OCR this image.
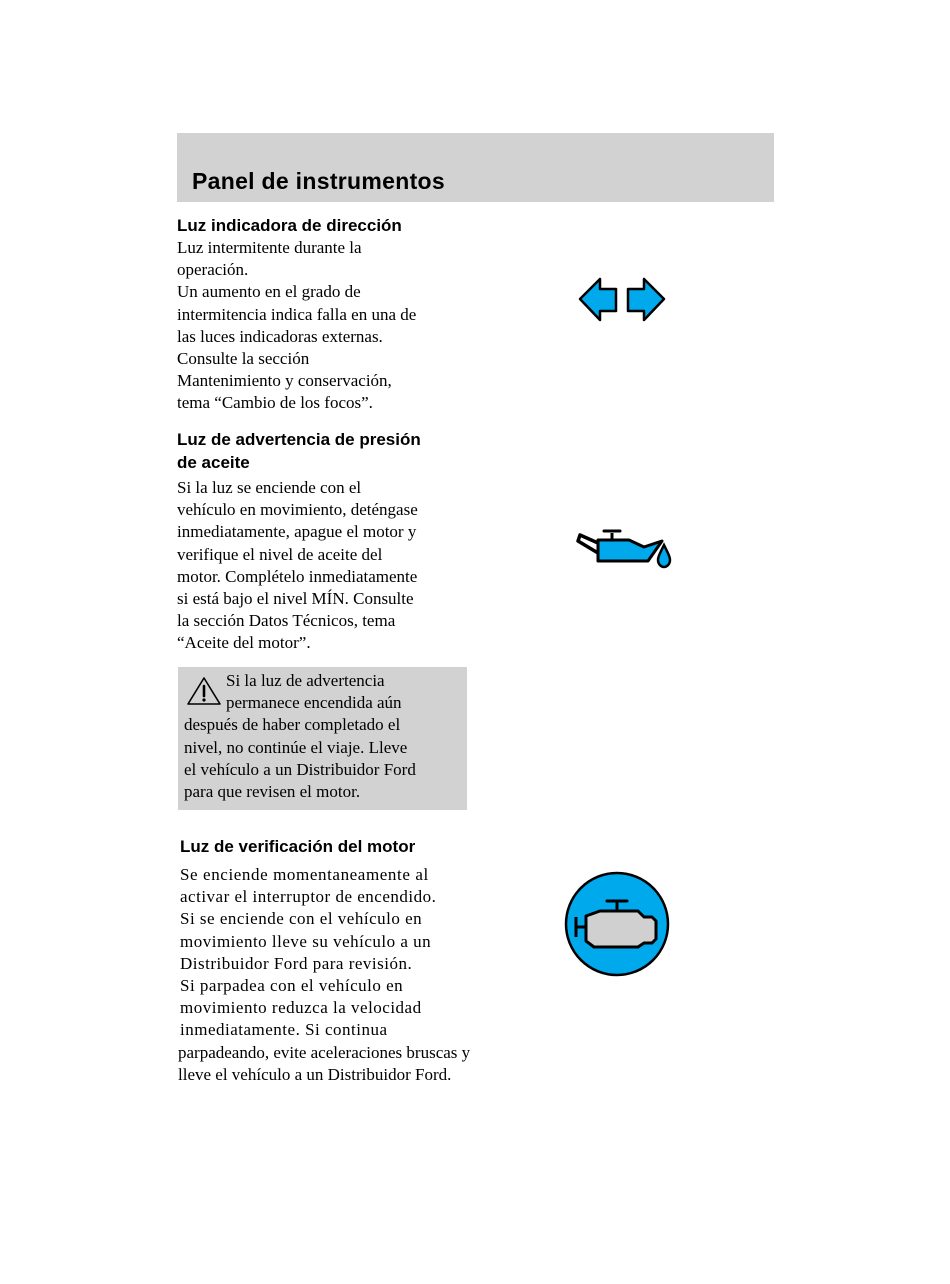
Panel de instrumentos

Luz indicadora de dirección

Luz intermitente durante la

operación.

Un aumento en el grado de

intermitencia indica falla en una de

las luces indicadoras externas.

Consulte la sección

Mantenimiento y conservación,

tema “Cambio de los focos”.

Luz de advertencia de presión

de aceite

Si la luz se enciende con el

vehículo en movimiento, deténgase

inmediatamente, apague el motor y

verifique el nivel de aceite del

motor. Complételo inmediatamente

si está bajo el nivel MÍN. Consulte

la sección Datos Técnicos, tema

“Aceite del motor”.

Si la luz de advertencia
permanece encendida aún
después de haber completado el
nivel, no continúe el viaje. Lleve
el vehículo a un Distribuidor Ford
para que revisen el motor.

Luz de verificación del motor

Se enciende momentaneamente al

activar el interruptor de encendido.

Si se enciende con el vehículo en

movimiento lleve su vehículo a un

Distribuidor Ford para revisión.

Si parpadea con el vehículo en

movimiento reduzca la velocidad

inmediatamente. Si continua

parpadeando, evite aceleraciones bruscas y

lleve el vehículo a un Distribuidor Ford.
